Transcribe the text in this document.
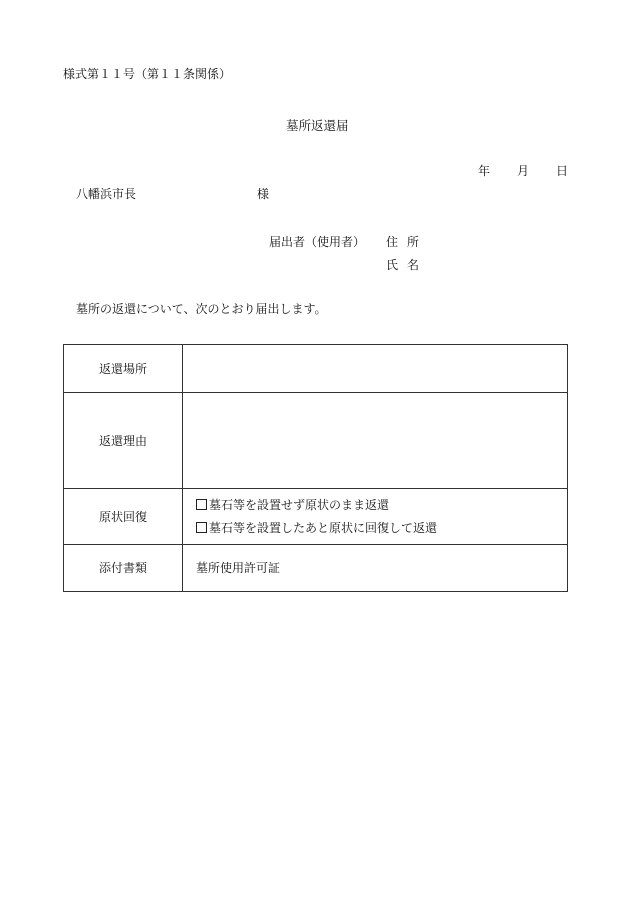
様式第１１号（第１１条関係）
墓所返還届
年 月 日
八幡浜市長	様
届出者（使用者） 住所
氏名
墓所の返還について、次のとおり届出します。
返還場所	
返還理由	
原状回復	墓石等を設置せず原状のまま返還
墓石等を設置したあと原状に回復して返還

添付書類	墓所使用許可証
